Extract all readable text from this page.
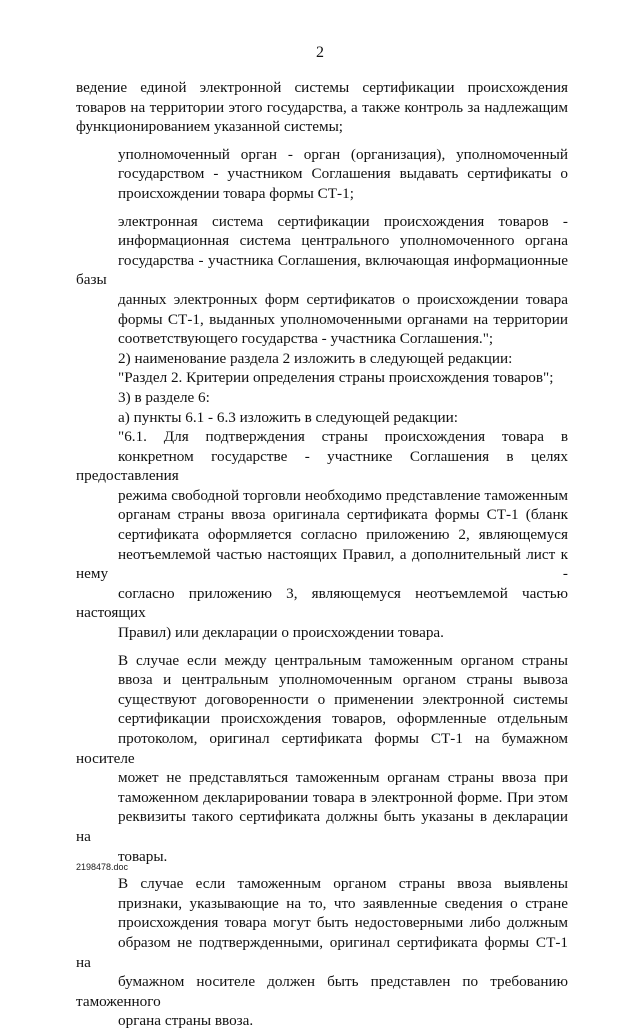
2
ведение единой электронной системы сертификации происхождения
товаров на территории этого государства, а также контроль за надлежащим
функционированием указанной системы;
уполномоченный орган - орган (организация), уполномоченный
государством - участником Соглашения выдавать сертификаты о
происхождении товара формы СТ-1;
электронная система сертификации происхождения товаров -
информационная система центрального уполномоченного органа
государства - участника Соглашения, включающая информационные базы
данных электронных форм сертификатов о происхождении товара
формы СТ-1, выданных уполномоченными органами на территории
соответствующего государства - участника Соглашения.";
2) наименование раздела 2 изложить в следующей редакции:
"Раздел 2. Критерии определения страны происхождения товаров";
3) в разделе 6:
а) пункты 6.1 - 6.3 изложить в следующей редакции:
"6.1. Для подтверждения страны происхождения товара в
конкретном государстве - участнике Соглашения в целях предоставления
режима свободной торговли необходимо представление таможенным
органам страны ввоза оригинала сертификата формы СТ-1 (бланк
сертификата оформляется согласно приложению 2, являющемуся
неотъемлемой частью настоящих Правил, а дополнительный лист к нему -
согласно приложению 3, являющемуся неотъемлемой частью настоящих
Правил) или декларации о происхождении товара.
В случае если между центральным таможенным органом страны
ввоза и центральным уполномоченным органом страны вывоза
существуют договоренности о применении электронной системы
сертификации происхождения товаров, оформленные отдельным
протоколом, оригинал сертификата формы СТ-1 на бумажном носителе
может не представляться таможенным органам страны ввоза при
таможенном декларировании товара в электронной форме. При этом
реквизиты такого сертификата должны быть указаны в декларации на
товары.
В случае если таможенным органом страны ввоза выявлены
признаки, указывающие на то, что заявленные сведения о стране
происхождения товара могут быть недостоверными либо должным
образом не подтвержденными, оригинал сертификата формы СТ-1 на
бумажном носителе должен быть представлен по требованию таможенного
органа страны ввоза.
2198478.doc
